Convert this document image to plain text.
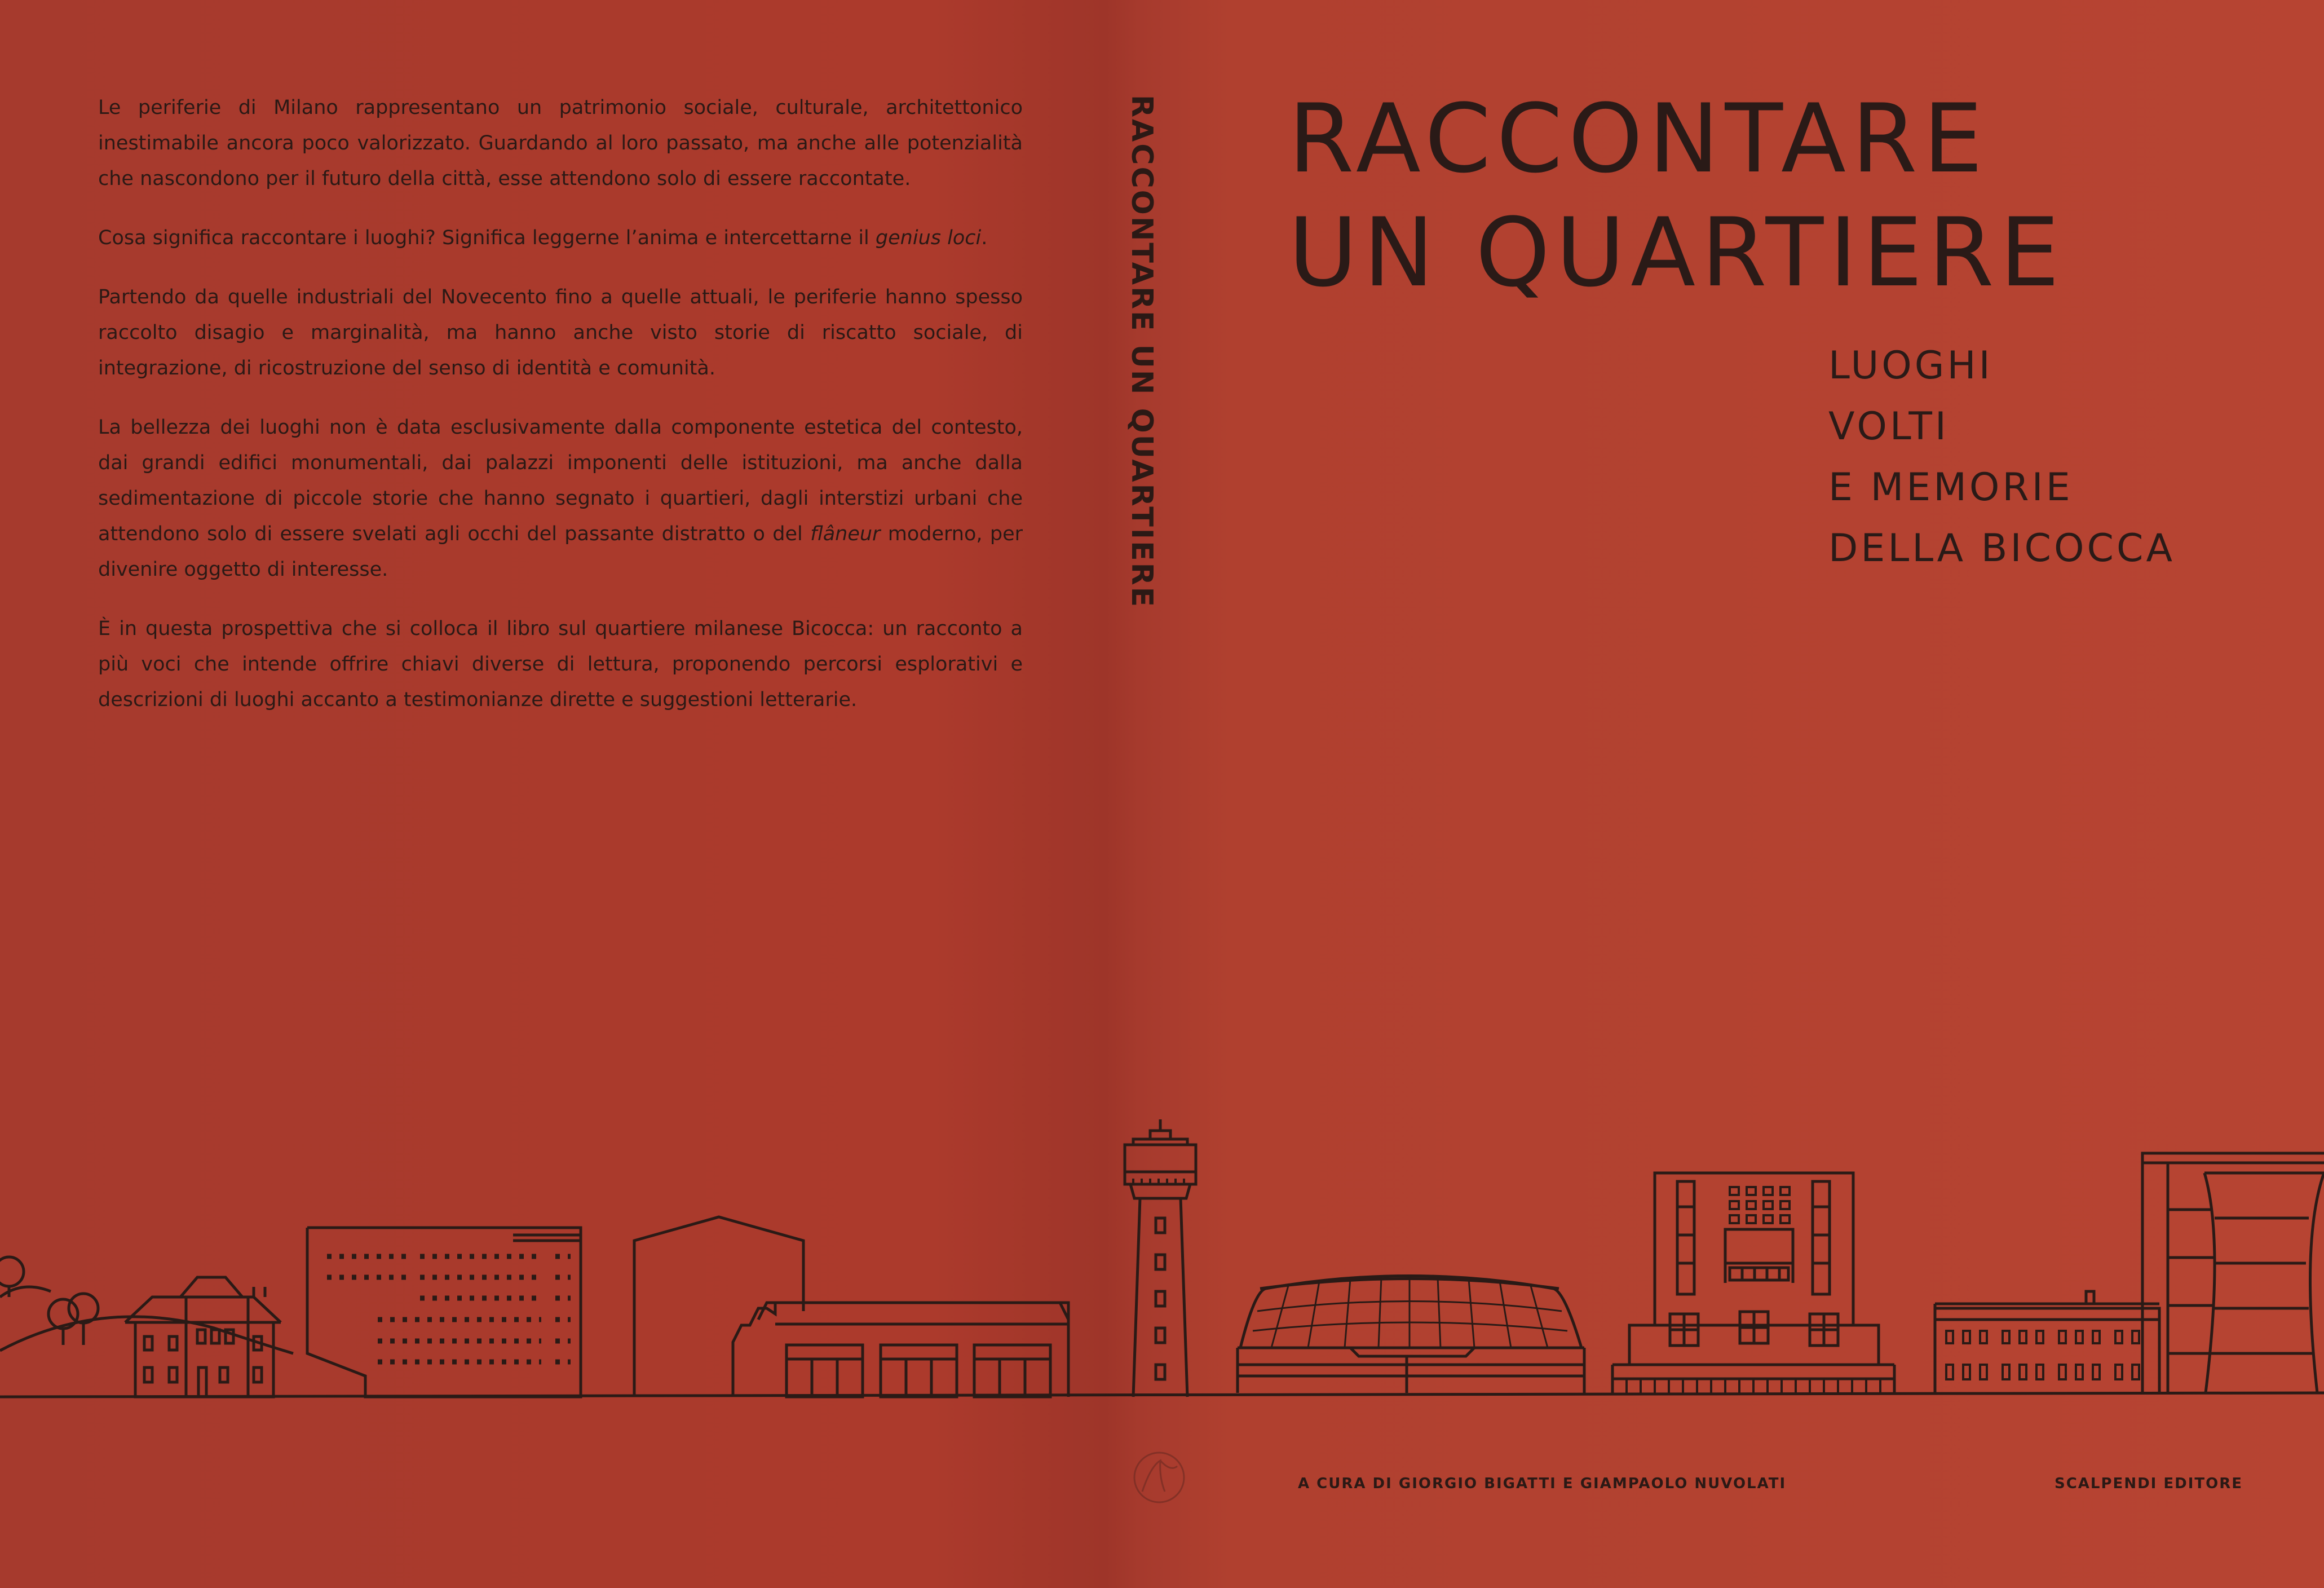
Le periferie di Milano rappresentano un patrimonio sociale, culturale, architettonico inestimabile ancora poco valorizzato. Guardando al loro passato, ma anche alle potenzialità che nascondono per il futuro della città, esse attendono solo di essere raccontate.

Cosa significa raccontare i luoghi? Significa leggerne l’anima e intercettarne il genius loci.

Partendo da quelle industriali del Novecento fino a quelle attuali, le periferie hanno spesso raccolto disagio e marginalità, ma hanno anche visto storie di riscatto sociale, di integrazione, di ricostruzione del senso di identità e comunità.

La bellezza dei luoghi non è data esclusivamente dalla componente estetica del contesto, dai grandi edifici monumentali, dai palazzi imponenti delle istituzioni, ma anche dalla sedimentazione di piccole storie che hanno segnato i quartieri, dagli interstizi urbani che attendono solo di essere svelati agli occhi del passante distratto o del flâneur moderno, per divenire oggetto di interesse.

È in questa prospettiva che si colloca il libro sul quartiere milanese Bicocca: un racconto a più voci che intende offrire chiavi diverse di lettura, proponendo percorsi esplorativi e descrizioni di luoghi accanto a testimonianze dirette e suggestioni letterarie.

RACCONTARE UN QUARTIERE RACCONTARE
UN QUARTIERE
LUOGHI
VOLTI
E MEMORIE
DELLA BICOCCA
A CURA DI GIORGIO BIGATTI E GIAMPAOLO NUVOLATI	SCALPENDI EDITORE
